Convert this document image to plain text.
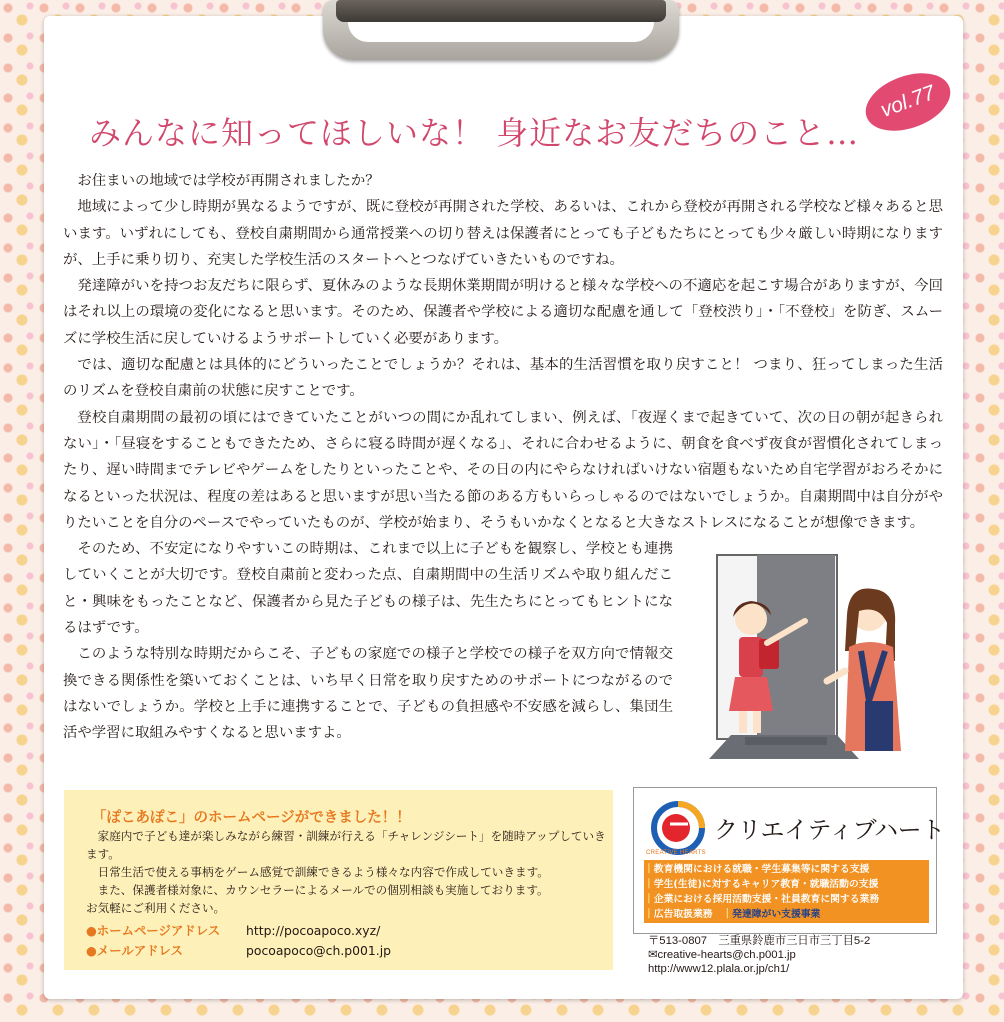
vol.77
みんなに知ってほしいな！ 身近なお友だちのこと…

お住まいの地域では学校が再開されましたか？

地域によって少し時期が異なるようですが、既に登校が再開された学校、あるいは、これから登校が再開される学校など様々あると思います。いずれにしても、登校自粛期間から通常授業への切り替えは保護者にとっても子どもたちにとっても少々厳しい時期になりますが、上手に乗り切り、充実した学校生活のスタートへとつなげていきたいものですね。

発達障がいを持つお友だちに限らず、夏休みのような長期休業期間が明けると様々な学校への不適応を起こす場合がありますが、今回はそれ以上の環境の変化になると思います。そのため、保護者や学校による適切な配慮を通して「登校渋り」・「不登校」を防ぎ、スムーズに学校生活に戻していけるようサポートしていく必要があります。

では、適切な配慮とは具体的にどういったことでしょうか？それは、基本的生活習慣を取り戻すこと！ つまり、狂ってしまった生活のリズムを登校自粛前の状態に戻すことです。

登校自粛期間の最初の頃にはできていたことがいつの間にか乱れてしまい、例えば、「夜遅くまで起きていて、次の日の朝が起きられない」・「昼寝をすることもできたため、さらに寝る時間が遅くなる」、それに合わせるように、朝食を食べず夜食が習慣化されてしまったり、遅い時間までテレビやゲームをしたりといったことや、その日の内にやらなければいけない宿題もないため自宅学習がおろそかになるといった状況は、程度の差はあると思いますが思い当たる節のある方もいらっしゃるのではないでしょうか。自粛期間中は自分がやりたいことを自分のペースでやっていたものが、学校が始まり、そうもいかなくとなると大きなストレスになることが想像できます。

そのため、不安定になりやすいこの時期は、これまで以上に子どもを観察し、学校とも連携していくことが大切です。登校自粛前と変わった点、自粛期間中の生活リズムや取り組んだこと・興味をもったことなど、保護者から見た子どもの様子は、先生たちにとってもヒントになるはずです。

このような特別な時期だからこそ、子どもの家庭での様子と学校での様子を双方向で情報交換できる関係性を築いておくことは、いち早く日常を取り戻すためのサポートにつながるのではないでしょうか。学校と上手に連携することで、子どもの負担感や不安感を減らし、集団生活や学習に取組みやすくなると思いますよ。

「ぽこあぽこ」のホームページができました！！
家庭内で子ども達が楽しみながら練習・訓練が行える「チャレンジシート」を随時アップしていきます。
日常生活で使える事柄をゲーム感覚で訓練できるよう様々な内容で作成していきます。
また、保護者様対象に、カウンセラーによるメールでの個別相談も実施しております。
お気軽にご利用ください。
●ホームページアドレス http://pocoapoco.xyz/
●メールアドレス	pocoapoco@ch.p001.jp
クリエイティブハート
CREATIVE HEARTS
｜教育機関における就職・学生募集等に関する支援
｜学生(生徒)に対するキャリア教育・就職活動の支援
｜企業における採用活動支援・社員教育に関する業務
｜広告取扱業務　 ｜発達障がい支援事業
〒513-0807　三重県鈴鹿市三日市三丁目5-2
✉creative-hearts@ch.p001.jp
http://www12.plala.or.jp/ch1/
